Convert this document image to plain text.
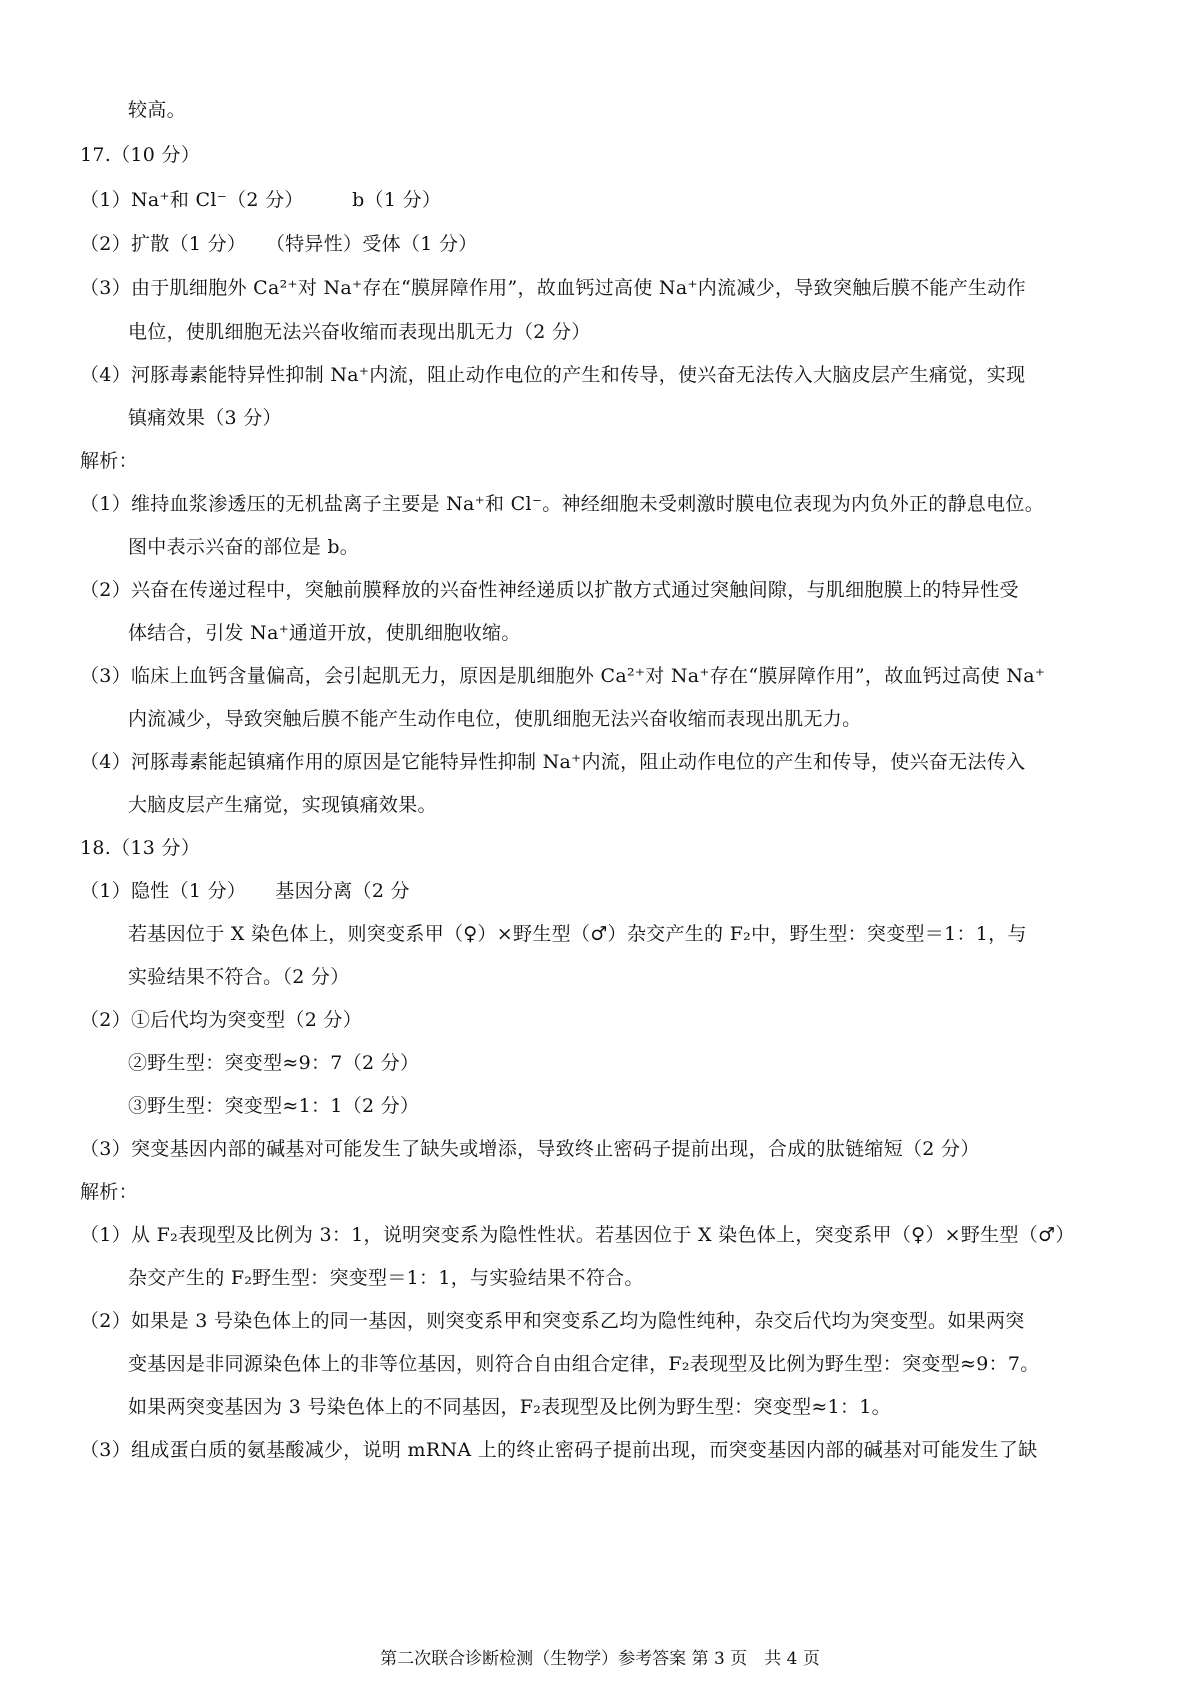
较高。
17.（10 分）
（1）Na⁺和 Cl⁻（2 分）　　　b（1 分）
（2）扩散（1 分）　　（特异性）受体（1 分）
（3）由于肌细胞外 Ca²⁺对 Na⁺存在“膜屏障作用”，故血钙过高使 Na⁺内流减少，导致突触后膜不能产生动作
电位，使肌细胞无法兴奋收缩而表现出肌无力（2 分）
（4）河豚毒素能特异性抑制 Na⁺内流，阻止动作电位的产生和传导，使兴奋无法传入大脑皮层产生痛觉，实现
镇痛效果（3 分）
解析：
（1）维持血浆渗透压的无机盐离子主要是 Na⁺和 Cl⁻。神经细胞未受刺激时膜电位表现为内负外正的静息电位。
图中表示兴奋的部位是 b。
（2）兴奋在传递过程中，突触前膜释放的兴奋性神经递质以扩散方式通过突触间隙，与肌细胞膜上的特异性受
体结合，引发 Na⁺通道开放，使肌细胞收缩。
（3）临床上血钙含量偏高，会引起肌无力，原因是肌细胞外 Ca²⁺对 Na⁺存在“膜屏障作用”，故血钙过高使 Na⁺
内流减少，导致突触后膜不能产生动作电位，使肌细胞无法兴奋收缩而表现出肌无力。
（4）河豚毒素能起镇痛作用的原因是它能特异性抑制 Na⁺内流，阻止动作电位的产生和传导，使兴奋无法传入
大脑皮层产生痛觉，实现镇痛效果。
18.（13 分）
（1）隐性（1 分）　　基因分离（2 分
若基因位于 X 染色体上，则突变系甲（♀）×野生型（♂）杂交产生的 F₂中，野生型：突变型＝1：1，与
实验结果不符合。（2 分）
（2）①后代均为突变型（2 分）
②野生型：突变型≈9：7（2 分）
③野生型：突变型≈1：1（2 分）
（3）突变基因内部的碱基对可能发生了缺失或增添，导致终止密码子提前出现，合成的肽链缩短（2 分）
解析：
（1）从 F₂表现型及比例为 3：1，说明突变系为隐性性状。若基因位于 X 染色体上，突变系甲（♀）×野生型（♂）
杂交产生的 F₂野生型：突变型＝1：1，与实验结果不符合。
（2）如果是 3 号染色体上的同一基因，则突变系甲和突变系乙均为隐性纯种，杂交后代均为突变型。如果两突
变基因是非同源染色体上的非等位基因，则符合自由组合定律，F₂表现型及比例为野生型：突变型≈9：7。
如果两突变基因为 3 号染色体上的不同基因，F₂表现型及比例为野生型：突变型≈1：1。
（3）组成蛋白质的氨基酸减少，说明 mRNA 上的终止密码子提前出现，而突变基因内部的碱基对可能发生了缺
第二次联合诊断检测（生物学）参考答案 第 3 页　共 4 页
